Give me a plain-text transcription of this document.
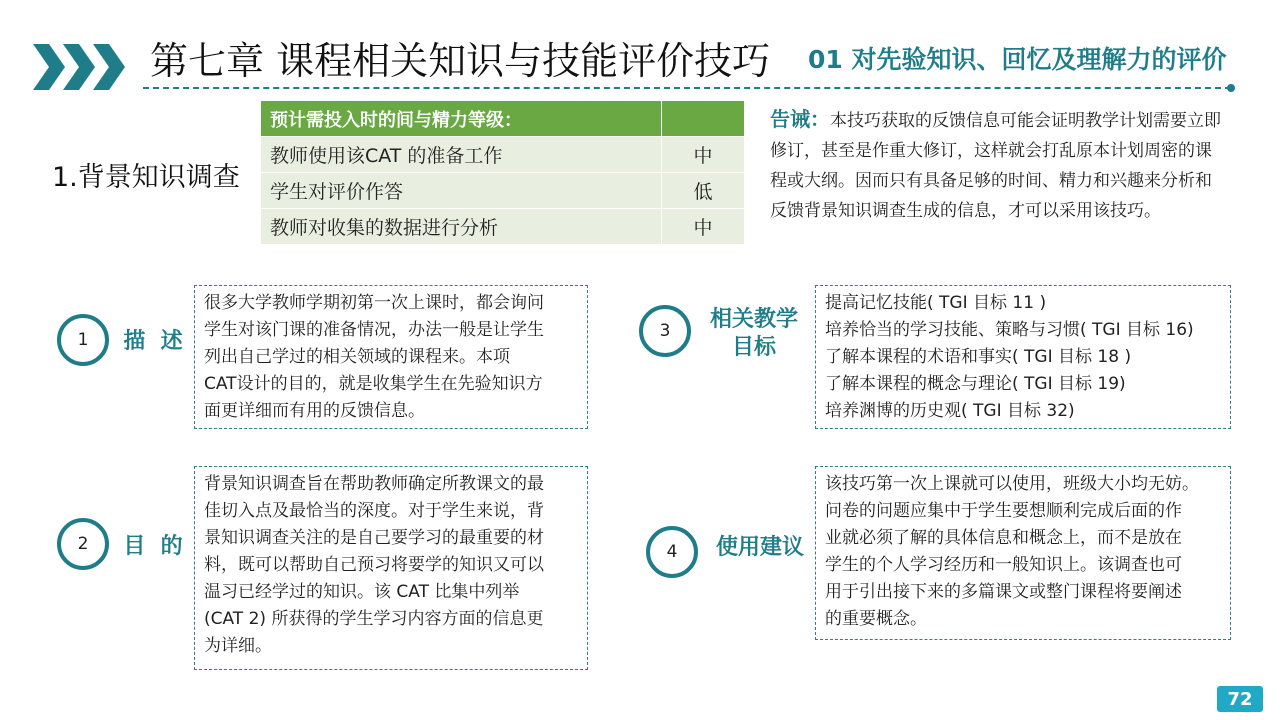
第七章 课程相关知识与技能评价技巧 01 对先验知识、回忆及理解力的评价
1.背景知识调查
预计需投入时的间与精力等级：	
教师使用该CAT 的准备工作	中
学生对评价作答	低
教师对收集的数据进行分析	中
告诫：本技巧获取的反馈信息可能会证明教学计划需要立即修订，甚至是作重大修订，这样就会打乱原本计划周密的课程或大纲。因而只有具备足够的时间、精力和兴趣来分析和反馈背景知识调查生成的信息，才可以采用该技巧。
1	描  述
很多大学教师学期初第一次上课时，都会询问
学生对该门课的准备情况，办法一般是让学生
列出自己学过的相关领域的课程来。本项
CAT设计的目的，就是收集学生在先验知识方
面更详细而有用的反馈信息。
2	目  的
背景知识调查旨在帮助教师确定所教课文的最
佳切入点及最恰当的深度。对于学生来说，背
景知识调查关注的是自己要学习的最重要的材
料，既可以帮助自己预习将要学的知识又可以
温习已经学过的知识。该 CAT 比集中列举
(CAT 2) 所获得的学生学习内容方面的信息更
为详细。
3	相关教学
目标
提高记忆技能( TGI 目标 11 )
培养恰当的学习技能、策略与习惯( TGI 目标 16)
了解本课程的术语和事实( TGI 目标 18 )
了解本课程的概念与理论( TGI 目标 19)
培养渊博的历史观( TGI 目标 32)
4	使用建议
该技巧第一次上课就可以使用，班级大小均无妨。
问卷的问题应集中于学生要想顺利完成后面的作
业就必须了解的具体信息和概念上，而不是放在
学生的个人学习经历和一般知识上。该调查也可
用于引出接下来的多篇课文或整门课程将要阐述
的重要概念。
72
